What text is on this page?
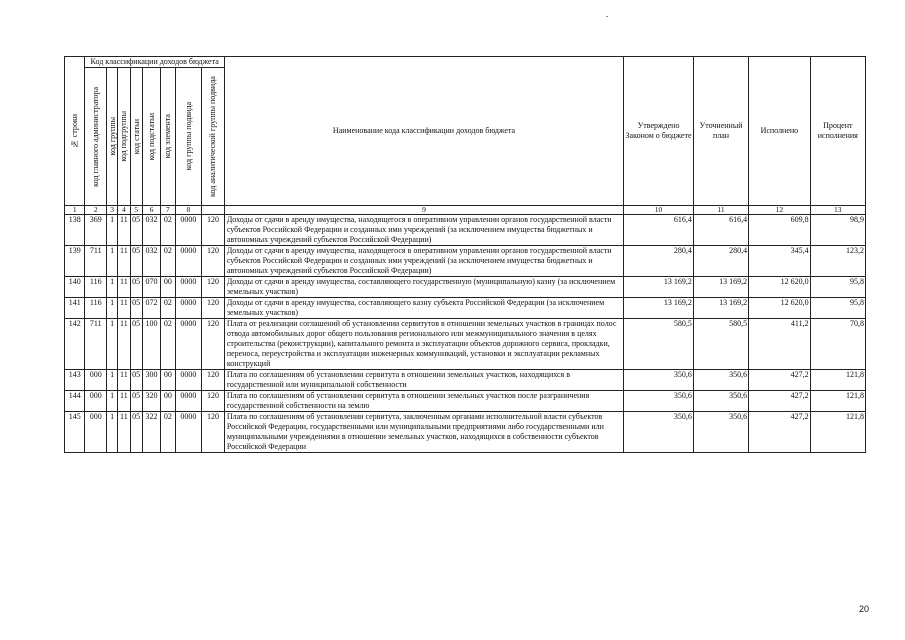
№ строки	Код классификации доходов бюджета								Наименование кода классификации доходов бюджета	Утверждено Законом о бюджете	Уточненный план	Исполнено	Процент исполнения

	код главного администратора	код группы	код подгруппы	код статьи	код подстатьи	код элемента	код группы подвида	код аналитической группы подвида					

1	2	3	4	5	6	7	8		9	10	11	12	13
138	369	1	11	05	032	02	0000	120	Доходы от сдачи в аренду имущества, находящегося в оперативном управлении органов государственной власти субъектов Российской Федерации и созданных ими учреждений (за исключением имущества бюджетных и автономных учреждений субъектов Российской Федерации)	616,4	616,4	609,8	98,9
139	711	1	11	05	032	02	0000	120	Доходы от сдачи в аренду имущества, находящегося в оперативном управлении органов государственной власти субъектов Российской Федерации и созданных ими учреждений (за исключением имущества бюджетных и автономных учреждений субъектов Российской Федерации)	280,4	280,4	345,4	123,2
140	116	1	11	05	070	00	0000	120	Доходы от сдачи в аренду имущества, составляющего государственную (муниципальную) казну (за исключением земельных участков)	13 169,2	13 169,2	12 620,0	95,8
141	116	1	11	05	072	02	0000	120	Доходы от сдачи в аренду имущества, составляющего казну субъекта Российской Федерации (за исключением земельных участков)	13 169,2	13 169,2	12 620,0	95,8
142	711	1	11	05	100	02	0000	120	Плата от реализации соглашений об установлении сервитутов в отношении земельных участков в границах полос отвода автомобильных дорог общего пользования регионального или межмуниципального значения в целях строительства (реконструкции), капитального ремонта и эксплуатации объектов дорожного сервиса, прокладки, переноса, переустройства и эксплуатации инженерных коммуникаций, установки и эксплуатации рекламных конструкций	580,5	580,5	411,2	70,8
143	000	1	11	05	300	00	0000	120	Плата по соглашениям об установлении сервитута в отношении земельных участков, находящихся в государственной или муниципальной собственности	350,6	350,6	427,2	121,8
144	000	1	11	05	320	00	0000	120	Плата по соглашениям об установлении сервитута в отношении земельных участков после разграничения государственной собственности на землю	350,6	350,6	427,2	121,8
145	000	1	11	05	322	02	0000	120	Плата по соглашениям об установлении сервитута, заключенным органами исполнительной власти субъектов Российской Федерации, государственными или муниципальными предприятиями либо государственными или муниципальными учреждениями в отношении земельных участков, находящихся в собственности субъектов Российской Федерации	350,6	350,6	427,2	121,8
20
